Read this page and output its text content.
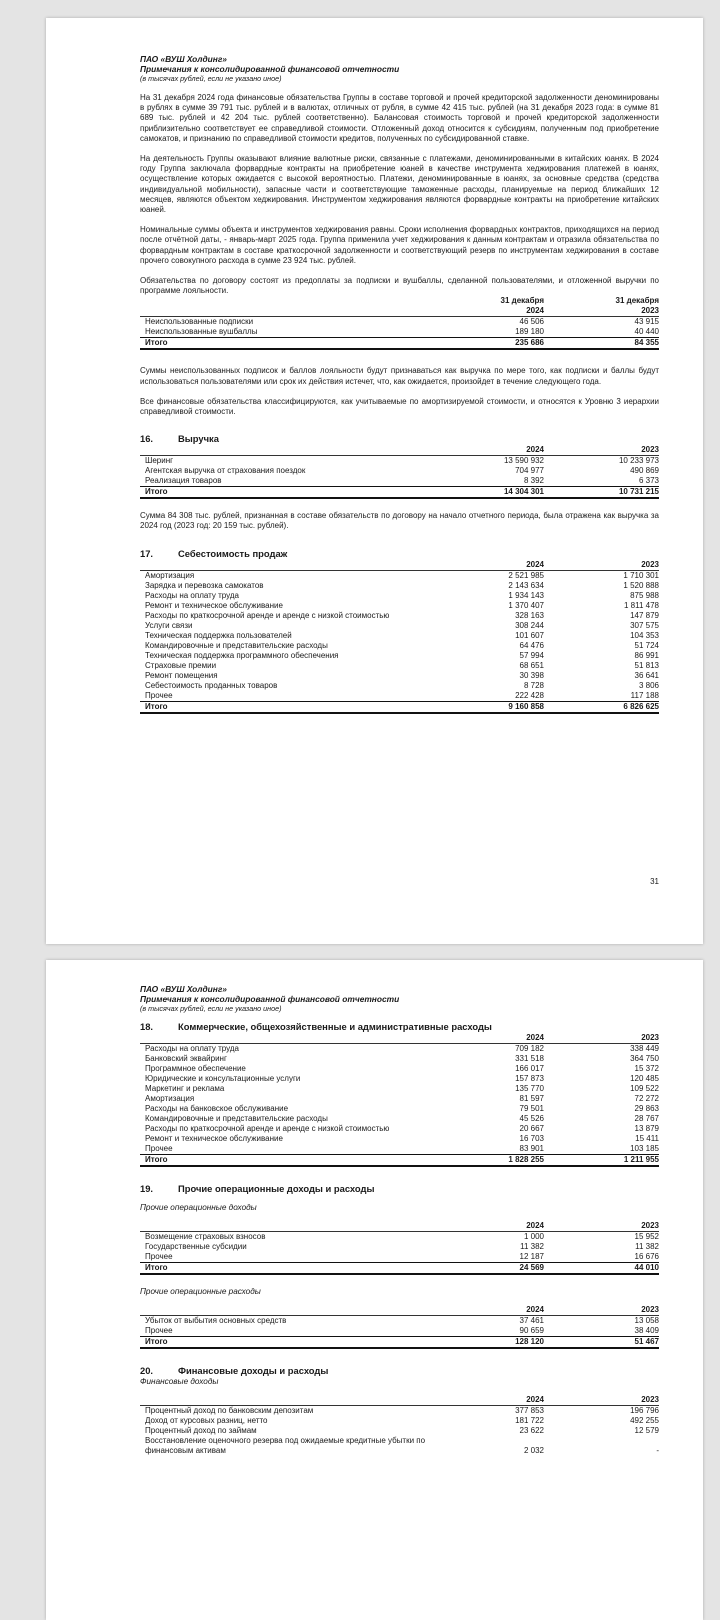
ПАО «ВУШ Холдинг»
Примечания к консолидированной финансовой отчетности
(в тысячах рублей, если не указано иное)

На 31 декабря 2024 года финансовые обязательства Группы в составе торговой и прочей кредиторской задолженности деноминированы в рублях в сумме 39 791 тыс. рублей и в валютах, отличных от рубля, в сумме 42 415 тыс. рублей (на 31 декабря 2023 года: в сумме 81 689 тыс. рублей и 42 204 тыс. рублей соответственно). Балансовая стоимость торговой и прочей кредиторской задолженности приблизительно соответствует ее справедливой стоимости. Отложенный доход относится к субсидиям, полученным под приобретение самокатов, и признанию по справедливой стоимости кредитов, полученных по субсидированной ставке.

На деятельность Группы оказывают влияние валютные риски, связанные с платежами, деноминированными в китайских юанях. В 2024 году Группа заключала форвардные контракты на приобретение юаней в качестве инструмента хеджирования платежей в юанях, осуществление которых ожидается с высокой вероятностью. Платежи, деноминированные в юанях, за основные средства (средства индивидуальной мобильности), запасные части и соответствующие таможенные расходы, планируемые на период ближайших 12 месяцев, являются объектом хеджирования. Инструментом хеджирования являются форвардные контракты на приобретение китайских юаней.

Номинальные суммы объекта и инструментов хеджирования равны. Сроки исполнения форвардных контрактов, приходящихся на период после отчётной даты, - январь-март 2025 года. Группа применила учет хеджирования к данным контрактам и отразила обязательства по форвардным контрактам в составе краткосрочной задолженности и соответствующий резерв по инструментам хеджирования в составе прочего совокупного расхода в сумме 23 924 тыс. рублей.

Обязательства по договору состоят из предоплаты за подписки и вушбаллы, сделанной пользователями, и отложенной выручки по программе лояльности.

	31 декабря	31 декабря
	2024	2023
Неиспользованные подписки	46 506	43 915
Неиспользованные вушбаллы	189 180	40 440
Итого	235 686	84 355

Суммы неиспользованных подписок и баллов лояльности будут признаваться как выручка по мере того, как подписки и баллы будут использоваться пользователями или срок их действия истечет, что, как ожидается, произойдет в течение следующего года.

Все финансовые обязательства классифицируются, как учитываемые по амортизируемой стоимости, и относятся к Уровню 3 иерархии справедливой стоимости.

16.	Выручка
	2024	2023
Шеринг	13 590 932	10 233 973
Агентская выручка от страхования поездок	704 977	490 869
Реализация товаров	8 392	6 373
Итого	14 304 301	10 731 215

Сумма 84 308 тыс. рублей, признанная в составе обязательств по договору на начало отчетного периода, была отражена как выручка за 2024 год (2023 год: 20 159 тыс. рублей).

17.	Себестоимость продаж
	2024	2023
Амортизация	2 521 985	1 710 301
Зарядка и перевозка самокатов	2 143 634	1 520 888
Расходы на оплату труда	1 934 143	875 988
Ремонт и техническое обслуживание	1 370 407	1 811 478
Расходы по краткосрочной аренде и аренде с низкой стоимостью	328 163	147 879
Услуги связи	308 244	307 575
Техническая поддержка пользователей	101 607	104 353
Командировочные и представительские расходы	64 476	51 724
Техническая поддержка программного обеспечения	57 994	86 991
Страховые премии	68 651	51 813
Ремонт помещения	30 398	36 641
Себестоимость проданных товаров	8 728	3 806
Прочее	222 428	117 188
Итого	9 160 858	6 826 625
31
ПАО «ВУШ Холдинг»
Примечания к консолидированной финансовой отчетности
(в тысячах рублей, если не указано иное)
18.	Коммерческие, общехозяйственные и административные расходы
	2024	2023
Расходы на оплату труда	709 182	338 449
Банковский эквайринг	331 518	364 750
Программное обеспечение	166 017	15 372
Юридические и консультационные услуги	157 873	120 485
Маркетинг и реклама	135 770	109 522
Амортизация	81 597	72 272
Расходы на банковское обслуживание	79 501	29 863
Командировочные и представительские расходы	45 526	28 767
Расходы по краткосрочной аренде и аренде с низкой стоимостью	20 667	13 879
Ремонт и техническое обслуживание	16 703	15 411
Прочее	83 901	103 185
Итого	1 828 255	1 211 955
19.	Прочие операционные доходы и расходы
Прочие операционные доходы
	2024	2023
Возмещение страховых взносов	1 000	15 952
Государственные субсидии	11 382	11 382
Прочее	12 187	16 676
Итого	24 569	44 010
Прочие операционные расходы
	2024	2023
Убыток от выбытия основных средств	37 461	13 058
Прочее	90 659	38 409
Итого	128 120	51 467
20.	Финансовые доходы и расходы
Финансовые доходы
	2024	2023
Процентный доход по банковским депозитам	377 853	196 796
Доход от курсовых разниц, нетто	181 722	492 255
Процентный доход по займам	23 622	12 579
Восстановление оценочного резерва под ожидаемые кредитные убытки по финансовым активам	2 032	-
